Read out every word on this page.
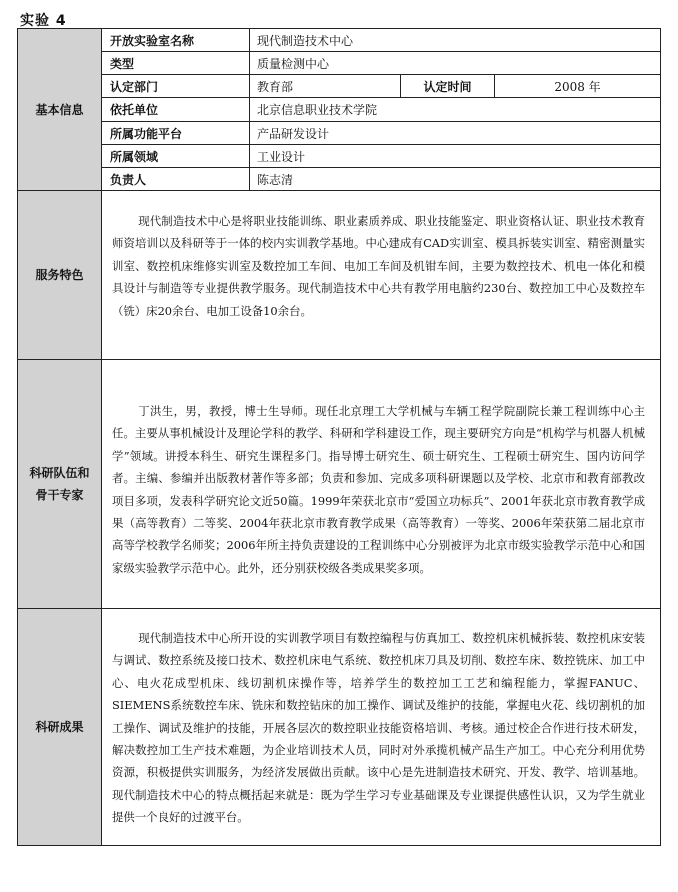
实验 4
基本信息
开放实验室名称	现代制造技术中心
类型	质量检测中心
认定部门	教育部	认定时间	2008 年
依托单位	北京信息职业技术学院
所属功能平台	产品研发设计
所属领域	工业设计
负责人	陈志清
服务特色

现代制造技术中心是将职业技能训练、职业素质养成、职业技能鉴定、职业资格认证、职业技术教育师资培训以及科研等于一体的校内实训教学基地。中心建成有CAD实训室、模具拆装实训室、精密测量实训室、数控机床维修实训室及数控加工车间、电加工车间及机钳车间，主要为数控技术、机电一体化和模具设计与制造等专业提供教学服务。现代制造技术中心共有教学用电脑约230台、数控加工中心及数控车（铣）床20余台、电加工设备10余台。

科研队伍和
骨干专家

丁洪生，男，教授，博士生导师。现任北京理工大学机械与车辆工程学院副院长兼工程训练中心主任。主要从事机械设计及理论学科的教学、科研和学科建设工作，现主要研究方向是“机构学与机器人机械学”领域。讲授本科生、研究生课程多门。指导博士研究生、硕士研究生、工程硕士研究生、国内访问学者。主编、参编并出版教材著作等多部；负责和参加、完成多项科研课题以及学校、北京市和教育部教改项目多项，发表科学研究论文近50篇。1999年荣获北京市“爱国立功标兵”、2001年获北京市教育教学成果（高等教育）二等奖、2004年获北京市教育教学成果（高等教育）一等奖、2006年荣获第二届北京市高等学校教学名师奖；2006年所主持负责建设的工程训练中心分别被评为北京市级实验教学示范中心和国家级实验教学示范中心。此外，还分别获校级各类成果奖多项。

科研成果

现代制造技术中心所开设的实训教学项目有数控编程与仿真加工、数控机床机械拆装、数控机床安装与调试、数控系统及接口技术、数控机床电气系统、数控机床刀具及切削、数控车床、数控铣床、加工中心、电火花成型机床、线切割机床操作等，培养学生的数控加工工艺和编程能力，掌握FANUC、SIEMENS系统数控车床、铣床和数控钻床的加工操作、调试及维护的技能，掌握电火花、线切割机的加工操作、调试及维护的技能，开展各层次的数控职业技能资格培训、考核。通过校企合作进行技术研发，解决数控加工生产技术难题，为企业培训技术人员，同时对外承揽机械产品生产加工。中心充分利用优势资源，积极提供实训服务，为经济发展做出贡献。该中心是先进制造技术研究、开发、教学、培训基地。现代制造技术中心的特点概括起来就是：既为学生学习专业基础课及专业课提供感性认识，又为学生就业提供一个良好的过渡平台。
